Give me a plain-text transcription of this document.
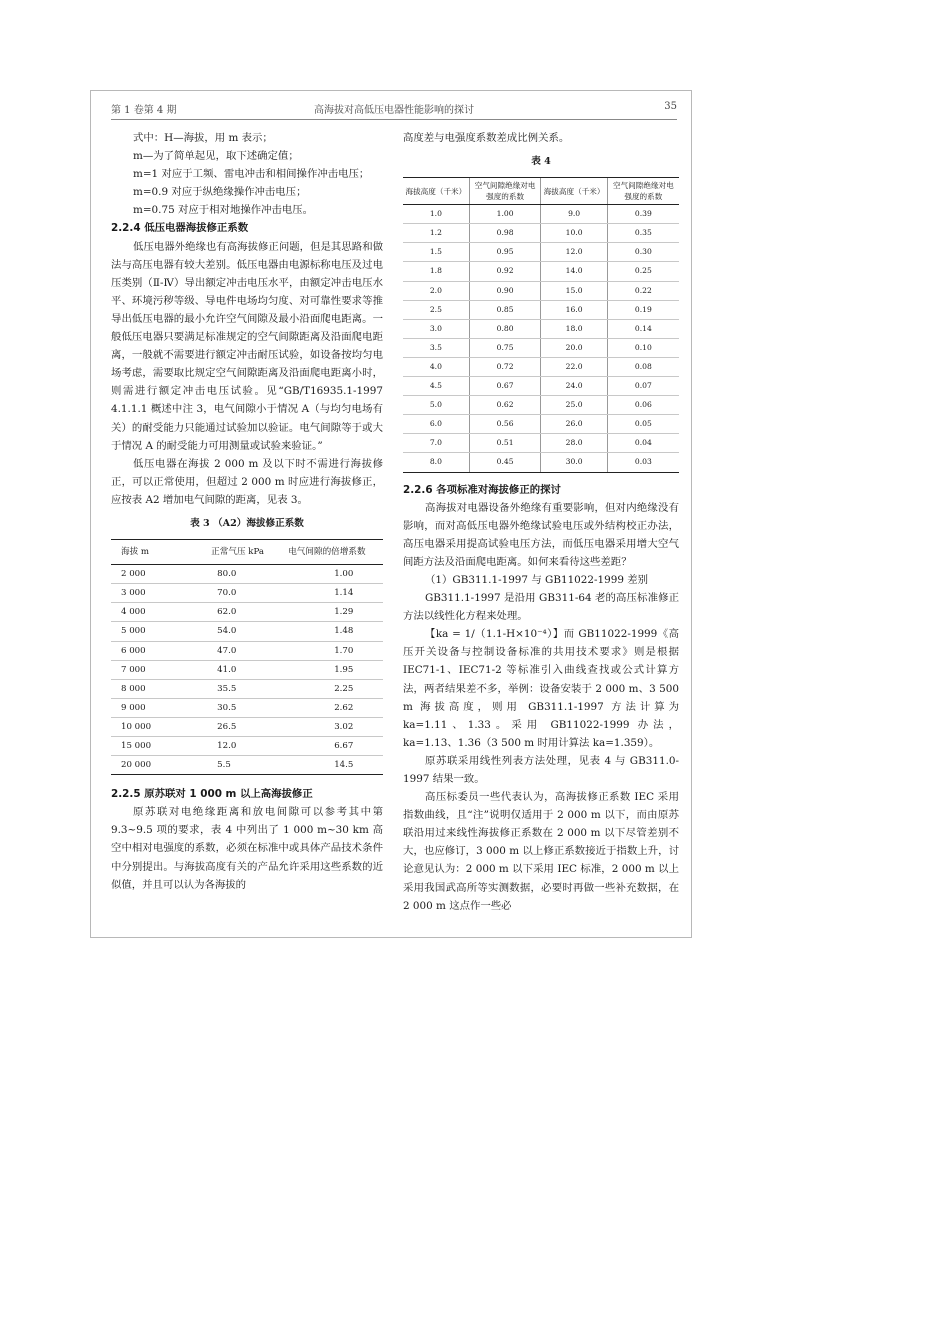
第 1 卷第 4 期	高海拔对高低压电器性能影响的探讨	35

式中：H—海拔，用 m 表示；

m—为了简单起见，取下述确定值；

m=1 对应于工频、雷电冲击和相间操作冲击电压；

m=0.9 对应于纵绝缘操作冲击电压；

m=0.75 对应于相对地操作冲击电压。

2.2.4 低压电器海拔修正系数

低压电器外绝缘也有高海拔修正问题，但是其思路和做法与高压电器有较大差别。低压电器由电源标称电压及过电压类别（Ⅱ-Ⅳ）导出额定冲击电压水平，由额定冲击电压水平、环境污秽等级、导电件电场均匀度、对可靠性要求等推导出低压电器的最小允许空气间隙及最小沿面爬电距离。一般低压电器只要满足标准规定的空气间隙距离及沿面爬电距离，一般就不需要进行额定冲击耐压试验，如设备按均匀电场考虑，需要取比规定空气间隙距离及沿面爬电距离小时，则需进行额定冲击电压试验。见“GB/T16935.1-1997 4.1.1.1 概述中注 3，电气间隙小于情况 A（与均匀电场有关）的耐受能力只能通过试验加以验证。电气间隙等于或大于情况 A 的耐受能力可用测量或试验来验证。”

低压电器在海拔 2 000 m 及以下时不需进行海拔修正，可以正常使用，但超过 2 000 m 时应进行海拔修正，应按表 A2 增加电气间隙的距离，见表 3。

表 3 （A2）海拔修正系数
海拔 m	正常气压 kPa	电气间隙的倍增系数
2 000	80.0	1.00
3 000	70.0	1.14
4 000	62.0	1.29
5 000	54.0	1.48
6 000	47.0	1.70
7 000	41.0	1.95
8 000	35.5	2.25
9 000	30.5	2.62
10 000	26.5	3.02
15 000	12.0	6.67
20 000	5.5	14.5

2.2.5 原苏联对 1 000 m 以上高海拔修正

原苏联对电绝缘距离和放电间隙可以参考其中第 9.3~9.5 项的要求，表 4 中列出了 1 000 m~30 km 高空中相对电强度的系数，必须在标准中或具体产品技术条件中分别提出。与海拔高度有关的产品允许采用这些系数的近似值，并且可以认为各海拔的

高度差与电强度系数差成比例关系。

表 4
海拔高度（千米）	空气间隙绝缘对电强度的系数	海拔高度（千米）	空气间隙绝缘对电强度的系数
1.0	1.00	9.0	0.39
1.2	0.98	10.0	0.35
1.5	0.95	12.0	0.30
1.8	0.92	14.0	0.25
2.0	0.90	15.0	0.22
2.5	0.85	16.0	0.19
3.0	0.80	18.0	0.14
3.5	0.75	20.0	0.10
4.0	0.72	22.0	0.08
4.5	0.67	24.0	0.07
5.0	0.62	25.0	0.06
6.0	0.56	26.0	0.05
7.0	0.51	28.0	0.04
8.0	0.45	30.0	0.03

2.2.6 各项标准对海拔修正的探讨

高海拔对电器设备外绝缘有重要影响，但对内绝缘没有影响，而对高低压电器外绝缘试验电压或外结构校正办法，高压电器采用提高试验电压方法，而低压电器采用增大空气间距方法及沿面爬电距离。如何来看待这些差距？

（1）GB311.1-1997 与 GB11022-1999 差别

GB311.1-1997 是沿用 GB311-64 老的高压标准修正方法以线性化方程来处理。

【ka = 1/（1.1-H×10⁻⁴）】而 GB11022-1999《高压开关设备与控制设备标准的共用技术要求》则是根据 IEC71-1、IEC71-2 等标准引入曲线查找或公式计算方法，两者结果差不多，举例：设备安装于 2 000 m、3 500 m 海拔高度，则用 GB311.1-1997 方法计算为 ka=1.11、1.33。采用 GB11022-1999 办法，ka=1.13、1.36（3 500 m 时用计算法 ka=1.359）。

原苏联采用线性列表方法处理，见表 4 与 GB311.0-1997 结果一致。

高压标委员一些代表认为，高海拔修正系数 IEC 采用指数曲线，且“注”说明仅适用于 2 000 m 以下，而由原苏联沿用过来线性海拔修正系数在 2 000 m 以下尽管差别不大，也应修订，3 000 m 以上修正系数接近于指数上升，讨论意见认为：2 000 m 以下采用 IEC 标准，2 000 m 以上采用我国武高所等实测数据，必要时再做一些补充数据，在 2 000 m 这点作一些必
